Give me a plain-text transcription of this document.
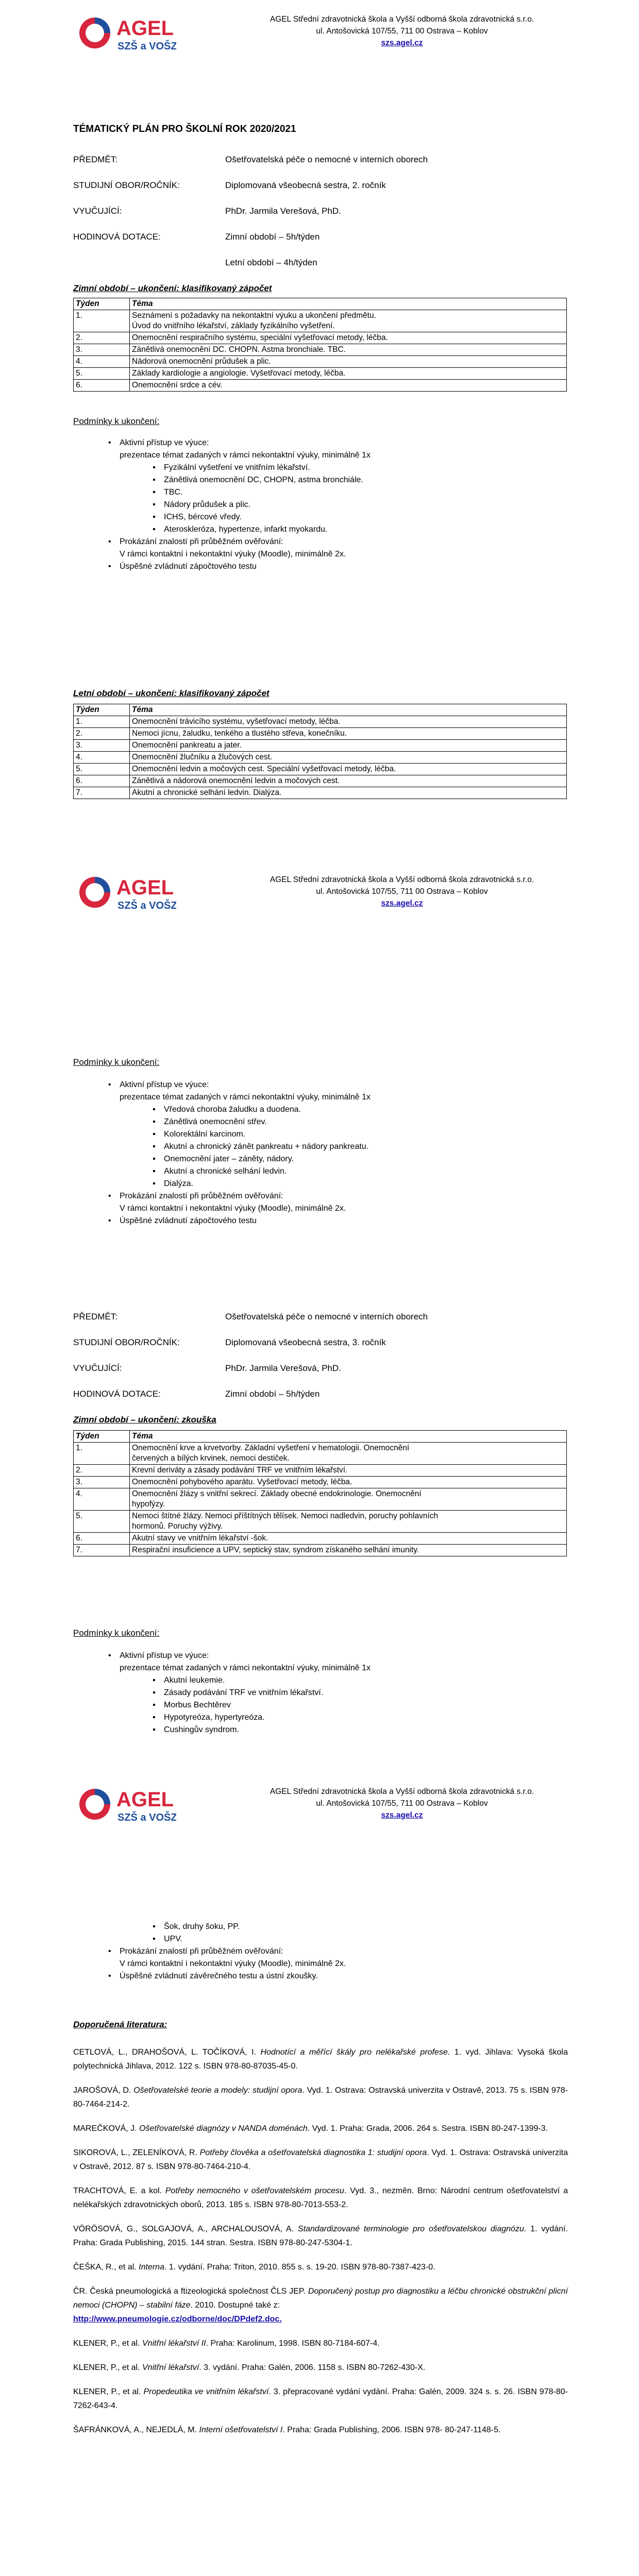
AGEL
SZŠ a VOŠZ
AGEL Střední zdravotnická škola a Vyšší odborná škola zdravotnická s.r.o.
ul. Antošovická 107/55, 711 00 Ostrava – Koblov
szs.agel.cz
TÉMATICKÝ PLÁN PRO ŠKOLNÍ ROK 2020/2021
PŘEDMĚT:	Ošetřovatelská péče o nemocné v interních oborech
STUDIJNÍ OBOR/ROČNÍK:	Diplomovaná všeobecná sestra, 2. ročník
VYUČUJÍCÍ:	PhDr. Jarmila Verešová, PhD.
HODINOVÁ DOTACE:	Zimní období – 5h/týden
Letní období – 4h/týden
Zimní období – ukončení: klasifikovaný zápočet
Týden	Téma
1.	Seznámení s požadavky na nekontaktní výuku a ukončení předmětu.
Úvod do vnitřního lékařství, základy fyzikálního vyšetření.

2.	Onemocnění respiračního systému, speciální vyšetřovací metody, léčba.

3.	Zánětlivá onemocnění DC. CHOPN. Astma bronchiale. TBC.

4.	Nádorová onemocnění průdušek a plic.

5.	Základy kardiologie a angiologie. Vyšetřovací metody, léčba.

6.	Onemocnění srdce a cév.
Podmínky k ukončení:
• Aktivní přístup ve výuce:
prezentace témat zadaných v rámci nekontaktní výuky, minimálně 1x
▪ Fyzikální vyšetření ve vnitřním lékařství.
▪ Zánětlivá onemocnění DC, CHOPN, astma bronchiále.
▪ TBC.
▪ Nádory průdušek a plic.
▪ ICHS, bércové vředy.
▪ Ateroskleróza, hypertenze, infarkt myokardu.
• Prokázání znalostí při průběžném ověřování:
V rámci kontaktní i nekontaktní výuky (Moodle), minimálně 2x.
• Úspěšné zvládnutí zápočtového testu
Letní období – ukončení: klasifikovaný zápočet
Týden	Téma
1.	Onemocnění trávicího systému, vyšetřovací metody, léčba.

2.	Nemoci jícnu, žaludku, tenkého a tlustého střeva, konečníku.

3.	Onemocnění pankreatu a jater.

4.	Onemocnění žlučníku a žlučových cest.

5.	Onemocnění ledvin a močových cest. Speciální vyšetřovací metody, léčba.

6.	Zánětlivá a nádorová onemocnění ledvin a močových cest.

7.	Akutní a chronické selhání ledvin. Dialýza.
AGEL
SZŠ a VOŠZ
AGEL Střední zdravotnická škola a Vyšší odborná škola zdravotnická s.r.o.
ul. Antošovická 107/55, 711 00 Ostrava – Koblov
szs.agel.cz
Podmínky k ukončení:
• Aktivní přístup ve výuce:
prezentace témat zadaných v rámci nekontaktní výuky, minimálně 1x
▪ Vředová choroba žaludku a duodena.
▪ Zánětlivá onemocnění střev.
▪ Kolorektální karcinom.
▪ Akutní a chronický zánět pankreatu + nádory pankreatu.
▪ Onemocnění jater – záněty, nádory.
▪ Akutní a chronické selhání ledvin.
▪ Dialýza.
• Prokázání znalostí při průběžném ověřování:
V rámci kontaktní i nekontaktní výuky (Moodle), minimálně 2x.
• Úspěšné zvládnutí zápočtového testu
PŘEDMĚT:	Ošetřovatelská péče o nemocné v interních oborech
STUDIJNÍ OBOR/ROČNÍK:	Diplomovaná všeobecná sestra, 3. ročník
VYUČUJÍCÍ:	PhDr. Jarmila Verešová, PhD.
HODINOVÁ DOTACE:	Zimní období – 5h/týden
Zimní období – ukončení: zkouška
Týden	Téma
1.	Onemocnění krve a krvetvorby. Základní vyšetření v hematologii. Onemocnění
červených a bílých krvinek, nemoci destiček.

2.	Krevní deriváty a zásady podávání TRF ve vnitřním lékařství.

3.	Onemocnění pohybového aparátu. Vyšetřovací metody, léčba.

4.	Onemocnění žlázy s vnitřní sekrecí. Základy obecné endokrinologie. Onemocnění
hypofýzy.

5.	Nemoci štítné žlázy. Nemoci příštítných tělísek. Nemoci nadledvin, poruchy pohlavních
hormonů. Poruchy výživy.

6.	Akutní stavy ve vnitřním lékařství -šok.

7.	Respirační insuficience a UPV, septický stav, syndrom získaného selhání imunity.
Podmínky k ukončení:
• Aktivní přístup ve výuce:
prezentace témat zadaných v rámci nekontaktní výuky, minimálně 1x
▪ Akutní leukemie.
▪ Zásady podávání TRF ve vnitřním lékařství.
▪ Morbus Bechtěrev
▪ Hypotyreóza, hypertyreóza.
▪ Cushingův syndrom.
AGEL
SZŠ a VOŠZ
AGEL Střední zdravotnická škola a Vyšší odborná škola zdravotnická s.r.o.
ul. Antošovická 107/55, 711 00 Ostrava – Koblov
szs.agel.cz
▪ Šok, druhy šoku, PP.
▪ UPV.
• Prokázání znalostí při průběžném ověřování:
V rámci kontaktní i nekontaktní výuky (Moodle), minimálně 2x.
• Úspěšné zvládnutí závěrečného testu a ústní zkoušky.
Doporučená literatura:

CETLOVÁ, L., DRAHOŠOVÁ, L. TOČÍKOVÁ, I. Hodnotící a měřící škály pro nelékařské profese. 1. vyd. Jihlava: Vysoká škola polytechnická Jihlava, 2012. 122 s. ISBN 978-80-87035-45-0.

JAROŠOVÁ, D. Ošetřovatelské teorie a modely: studijní opora. Vyd. 1. Ostrava: Ostravská univerzita v Ostravě, 2013. 75 s. ISBN 978-80-7464-214-2.

MAREČKOVÁ, J. Ošetřovatelské diagnózy v NANDA doménách. Vyd. 1. Praha: Grada, 2006. 264 s. Sestra. ISBN 80-247-1399-3.

SIKOROVÁ, L., ZELENÍKOVÁ, R. Potřeby člověka a ošetřovatelská diagnostika 1: studijní opora. Vyd. 1. Ostrava: Ostravská univerzita v Ostravě, 2012. 87 s. ISBN 978-80-7464-210-4.

TRACHTOVÁ, E. a kol. Potřeby nemocného v ošetřovatelském procesu. Vyd. 3., nezměn. Brno: Národní centrum ošetřovatelství a nelékařských zdravotnických oborů, 2013. 185 s. ISBN 978-80-7013-553-2.

VÖRÖSOVÁ, G., SOLGAJOVÁ, A., ARCHALOUSOVÁ, A. Standardizované terminologie pro ošetřovatelskou diagnózu. 1. vydání. Praha: Grada Publishing, 2015. 144 stran. Sestra. ISBN 978-80-247-5304-1.

ČEŠKA, R., et al. Interna. 1. vydání. Praha: Triton, 2010. 855 s. s. 19-20. ISBN 978-80-7387-423-0.

ČR. Česká pneumologická a ftizeologická společnost ČLS JEP. Doporučený postup pro diagnostiku a léčbu chronické obstrukční plicní nemoci (CHOPN) – stabilní fáze. 2010. Dostupné také z:
http://www.pneumologie.cz/odborne/doc/DPdef2.doc.

KLENER, P., et al. Vnitřní lékařství II. Praha: Karolinum, 1998. ISBN 80-7184-607-4.

KLENER, P., et al. Vnitřní lékařství. 3. vydání. Praha: Galén, 2006. 1158 s. ISBN 80-7262-430-X.

KLENER, P., et al. Propedeutika ve vnitřním lékařství. 3. přepracované vydání vydání. Praha: Galén, 2009. 324 s. s. 26. ISBN 978-80-7262-643-4.

ŠAFRÁNKOVÁ, A., NEJEDLÁ, M. Interní ošetřovatelství I. Praha: Grada Publishing, 2006. ISBN 978- 80-247-1148-5.
